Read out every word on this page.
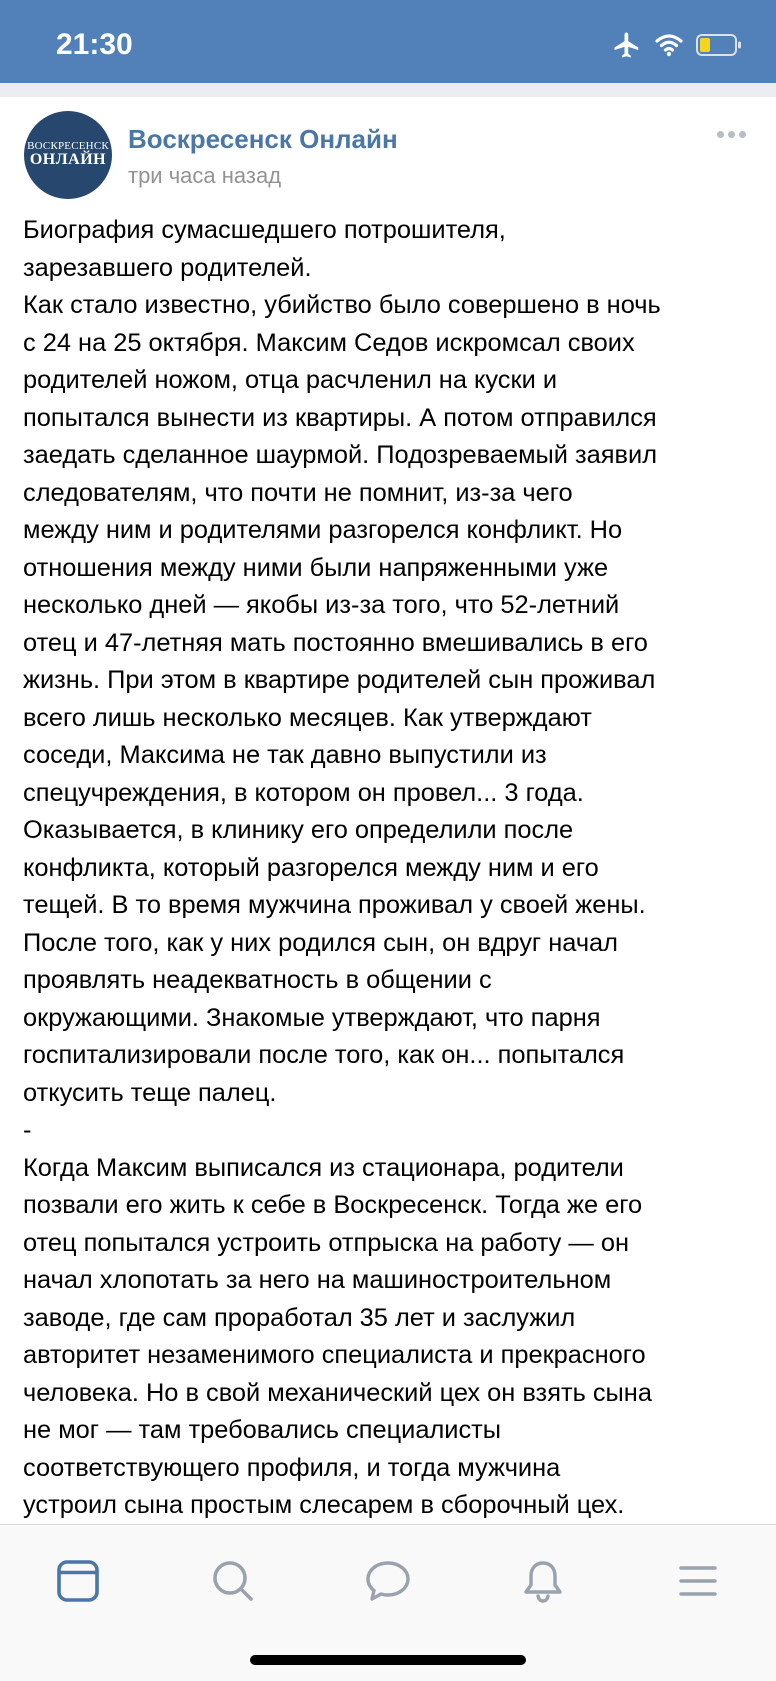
21:30
ВОСКРЕСЕНСК
ОНЛАЙН
Воскресенск Онлайн
три часа назад

Биография сумасшедшего потрошителя,
зарезавшего родителей.
Как стало известно, убийство было совершено в ночь
с 24 на 25 октября. Максим Седов искромсал своих
родителей ножом, отца расчленил на куски и
попытался вынести из квартиры. А потом отправился
заедать сделанное шаурмой. Подозреваемый заявил
следователям, что почти не помнит, из-за чего
между ним и родителями разгорелся конфликт. Но
отношения между ними были напряженными уже
несколько дней — якобы из-за того, что 52-летний
отец и 47-летняя мать постоянно вмешивались в его
жизнь. При этом в квартире родителей сын проживал
всего лишь несколько месяцев. Как утверждают
соседи, Максима не так давно выпустили из
спецучреждения, в котором он провел... 3 года.
Оказывается, в клинику его определили после
конфликта, который разгорелся между ним и его
тещей. В то время мужчина проживал у своей жены.
После того, как у них родился сын, он вдруг начал
проявлять неадекватность в общении с
окружающими. Знакомые утверждают, что парня
госпитализировали после того, как он... попытался
откусить теще палец.
-
Когда Максим выписался из стационара, родители
позвали его жить к себе в Воскресенск. Тогда же его
отец попытался устроить отпрыска на работу — он
начал хлопотать за него на машиностроительном
заводе, где сам проработал 35 лет и заслужил
авторитет незаменимого специалиста и прекрасного
человека. Но в свой механический цех он взять сына
не мог — там требовались специалисты
соответствующего профиля, и тогда мужчина
устроил сына простым слесарем в сборочный цех.
